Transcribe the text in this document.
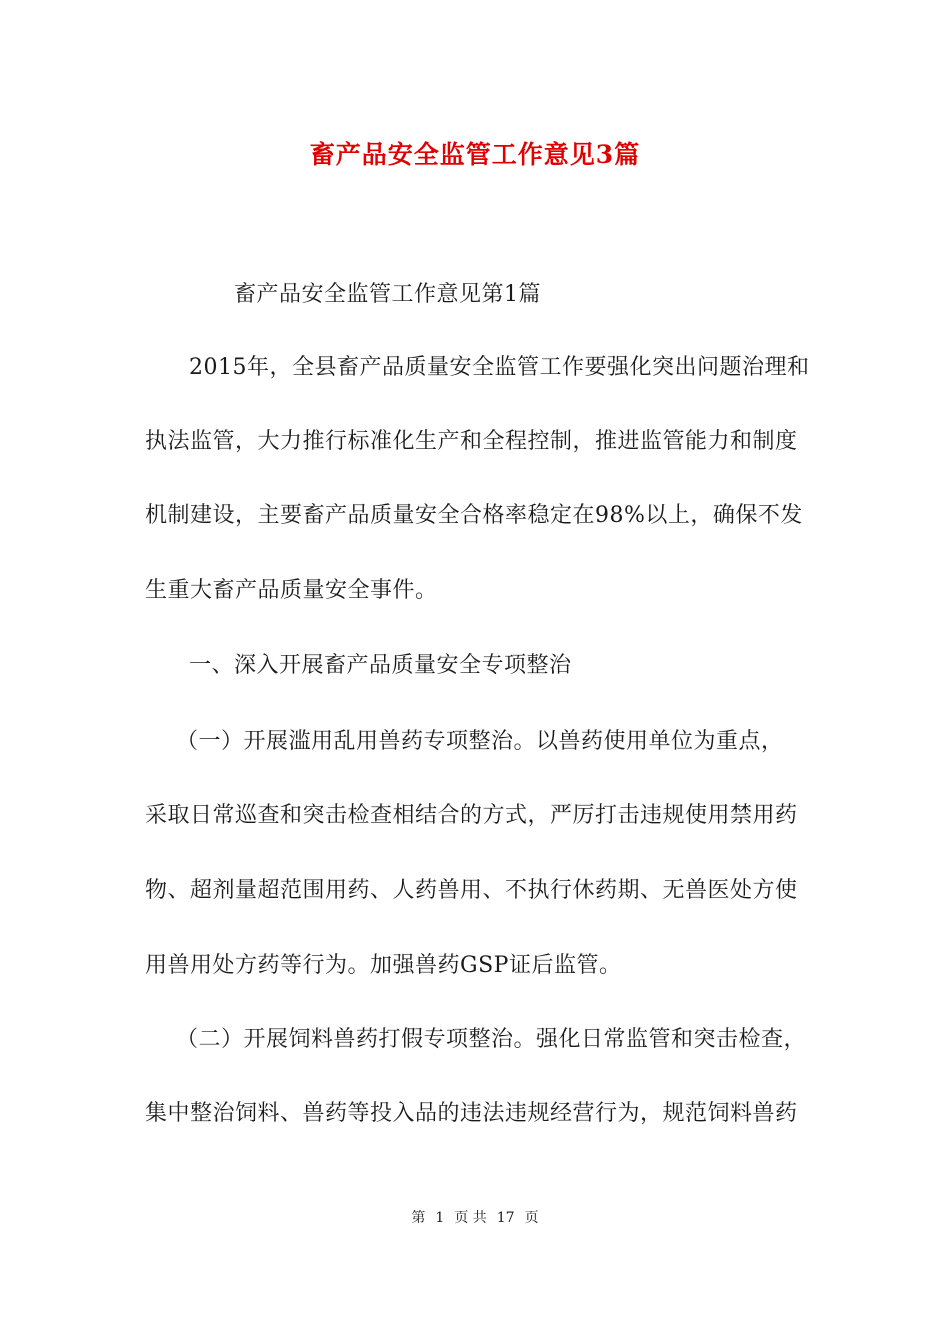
畜产品安全监管工作意见3篇
畜产品安全监管工作意见第1篇
2015年，全县畜产品质量安全监管工作要强化突出问题治理和
执法监管，大力推行标准化生产和全程控制，推进监管能力和制度
机制建设，主要畜产品质量安全合格率稳定在98%以上，确保不发
生重大畜产品质量安全事件。
一、深入开展畜产品质量安全专项整治
（一）开展滥用乱用兽药专项整治。以兽药使用单位为重点，
采取日常巡查和突击检查相结合的方式，严厉打击违规使用禁用药
物、超剂量超范围用药、人药兽用、不执行休药期、无兽医处方使
用兽用处方药等行为。加强兽药GSP证后监管。
（二）开展饲料兽药打假专项整治。强化日常监管和突击检查，
集中整治饲料、兽药等投入品的违法违规经营行为，规范饲料兽药
第 1 页 共 17 页
